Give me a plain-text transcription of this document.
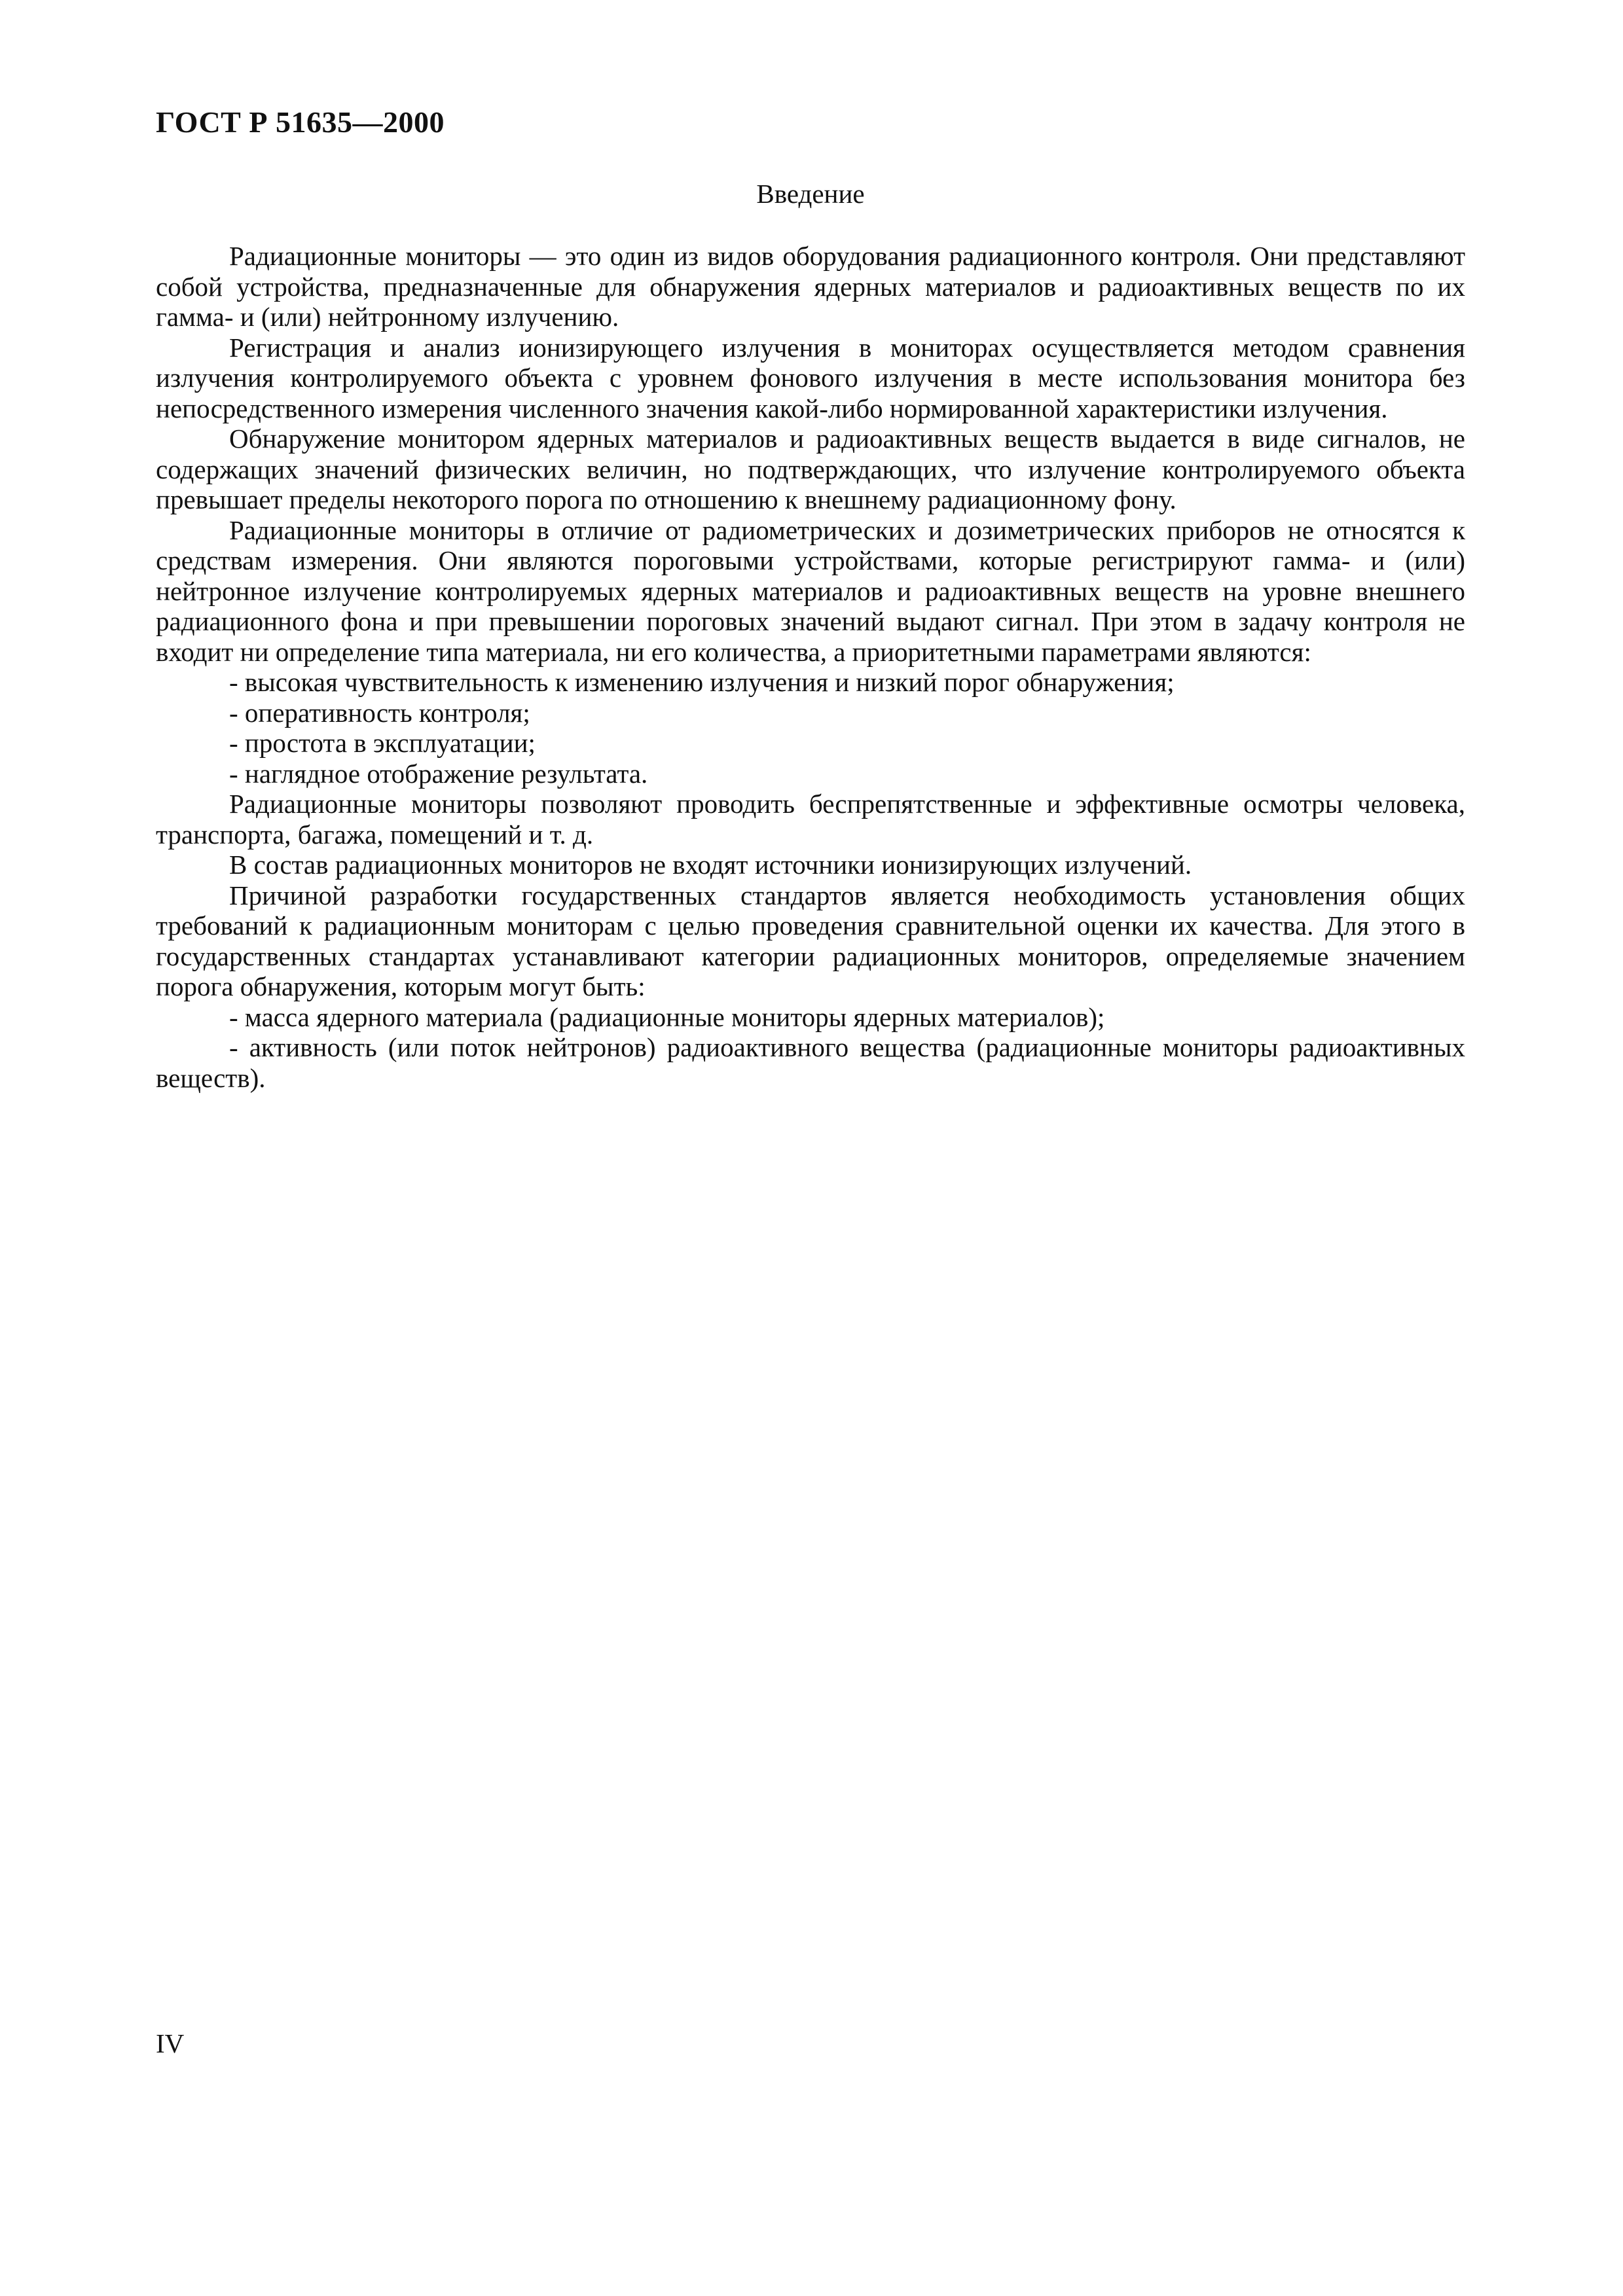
ГОСТ Р 51635—2000
Введение

Радиационные мониторы — это один из видов оборудования радиационного контроля. Они представляют собой устройства, предназначенные для обнаружения ядерных материалов и радиоактивных веществ по их гамма- и (или) нейтронному излучению.

Регистрация и анализ ионизирующего излучения в мониторах осуществляется методом сравнения излучения контролируемого объекта с уровнем фонового излучения в месте использования монитора без непосредственного измерения численного значения какой-либо нормированной характеристики излучения.

Обнаружение монитором ядерных материалов и радиоактивных веществ выдается в виде сигналов, не содержащих значений физических величин, но подтверждающих, что излучение контролируемого объекта превышает пределы некоторого порога по отношению к внешнему радиационному фону.

Радиационные мониторы в отличие от радиометрических и дозиметрических приборов не относятся к средствам измерения. Они являются пороговыми устройствами, которые регистрируют гамма- и (или) нейтронное излучение контролируемых ядерных материалов и радиоактивных веществ на уровне внешнего радиационного фона и при превышении пороговых значений выдают сигнал. При этом в задачу контроля не входит ни определение типа материала, ни его количества, а приоритетными параметрами являются:

- высокая чувствительность к изменению излучения и низкий порог обнаружения;

- оперативность контроля;

- простота в эксплуатации;

- наглядное отображение результата.

Радиационные мониторы позволяют проводить беспрепятственные и эффективные осмотры человека, транспорта, багажа, помещений и т. д.

В состав радиационных мониторов не входят источники ионизирующих излучений.

Причиной разработки государственных стандартов является необходимость установления общих требований к радиационным мониторам с целью проведения сравнительной оценки их качества. Для этого в государственных стандартах устанавливают категории радиационных мониторов, определяемые значением порога обнаружения, которым могут быть:

- масса ядерного материала (радиационные мониторы ядерных материалов);

- активность (или поток нейтронов) радиоактивного вещества (радиационные мониторы радиоактивных веществ).

IV
